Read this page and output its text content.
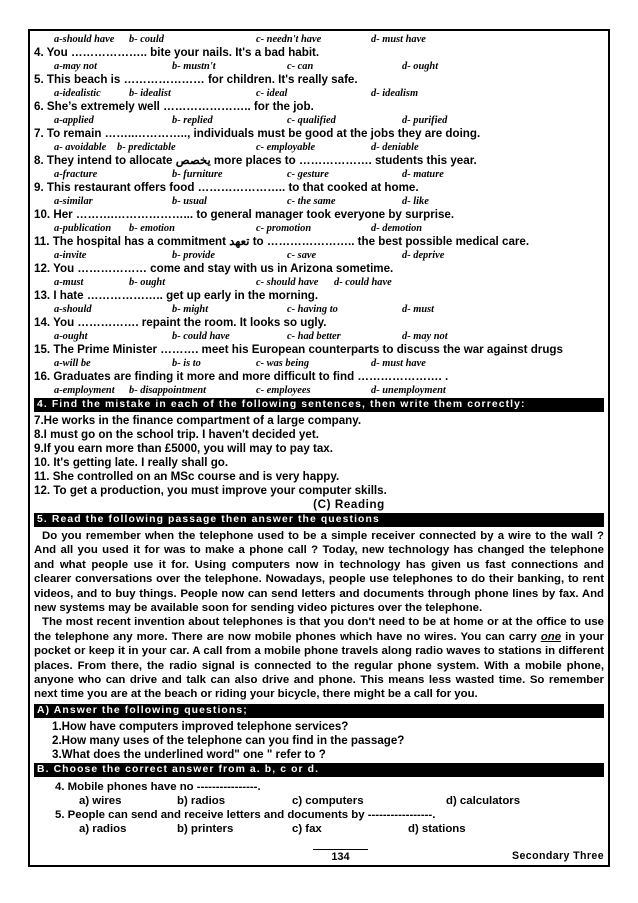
a-should have b- could	c- needn't have	d- must have
4. You ……………….. bite your nails. It's a bad habit.
a-may not	b- mustn't	c- can	d- ought
5. This beach is ………………… for children. It's really safe.
a-idealistic	b- idealist	c- ideal	d- idealism
6. She’s extremely well ………………….. for the job.
a-applied	b- replied	c- qualified	d- purified
7. To remain ……..………….., individuals must be good at the jobs they are doing.
a- avoidable b- predictable	c- employable	d- deniable
8. They intend to allocate يخصص more places to ………………. students this year.
a-fracture	b- furniture	c- gesture	d- mature
9. This restaurant offers food ………………….. to that cooked at home.
a-similar	b- usual	c- the same	d- like
10. Her ……….………………... to general manager took everyone by surprise.
a-publication b- emotion	c- promotion	d- demotion
11. The hospital has a commitment تعهد to ………………….. the best possible medical care.
a-invite	b- provide	c- save	d- deprive
12. You ……………… come and stay with us in Arizona sometime.
a-must	b- ought	c- should have d- could have
13. I hate ……………….. get up early in the morning.
a-should	b- might	c- having to	d- must
14. You ……………. repaint the room. It looks so ugly.
a-ought	b- could have	c- had better	d- may not
15. The Prime Minister ………. meet his European counterparts to discuss the war against drugs
a-will be	b- is to	c- was being	d- must have
16. Graduates are finding it more and more difficult to find …………………. .
a-employment b- disappointment	c- employees	d- unemployment
4. Find the mistake in each of the following sentences, then write them correctly:
7.He works in the finance compartment of a large company.
8.I must go on the school trip. I haven't decided yet.
9.If you earn more than £5000, you will may to pay tax.
10. It's getting late. I really shall go.
11. She controlled on an MSc course and is very happy.
12. To get a production, you must improve your computer skills.
(C) Reading
5. Read the following passage then answer the questions
Do you remember when the telephone used to be a simple receiver connected by a wire to the wall ? And all you used it for was to make a phone call ? Today, new technology has changed the telephone and what people use it for. Using computers now in technology has given us fast connections and clearer conversations over the telephone. Nowadays, people use telephones to do their banking, to rent videos, and to buy things. People now can send letters and documents through phone lines by fax. And new systems may be available soon for sending video pictures over the telephone.
The most recent invention about telephones is that you don't need to be at home or at the office to use the telephone any more. There are now mobile phones which have no wires. You can carry one in your pocket or keep it in your car. A call from a mobile phone travels along radio waves to stations in different places. From there, the radio signal is connected to the regular phone system. With a mobile phone, anyone who can drive and talk can also drive and phone. This means less wasted time. So remember next time you are at the beach or riding your bicycle, there might be a call for you.
A) Answer the following questions;
1.How have computers improved telephone services?
2.How many uses of the telephone can you find in the passage?
3.What does the underlined word" one " refer to ?
B. Choose the correct answer from a. b, c or d.
4. Mobile phones have no ----------------.
a) wires	b) radios	c) computers	d) calculators
5. People can send and receive letters and documents by -----------------.
a) radios	b) printers	c) fax	d) stations
134	Secondary Three
